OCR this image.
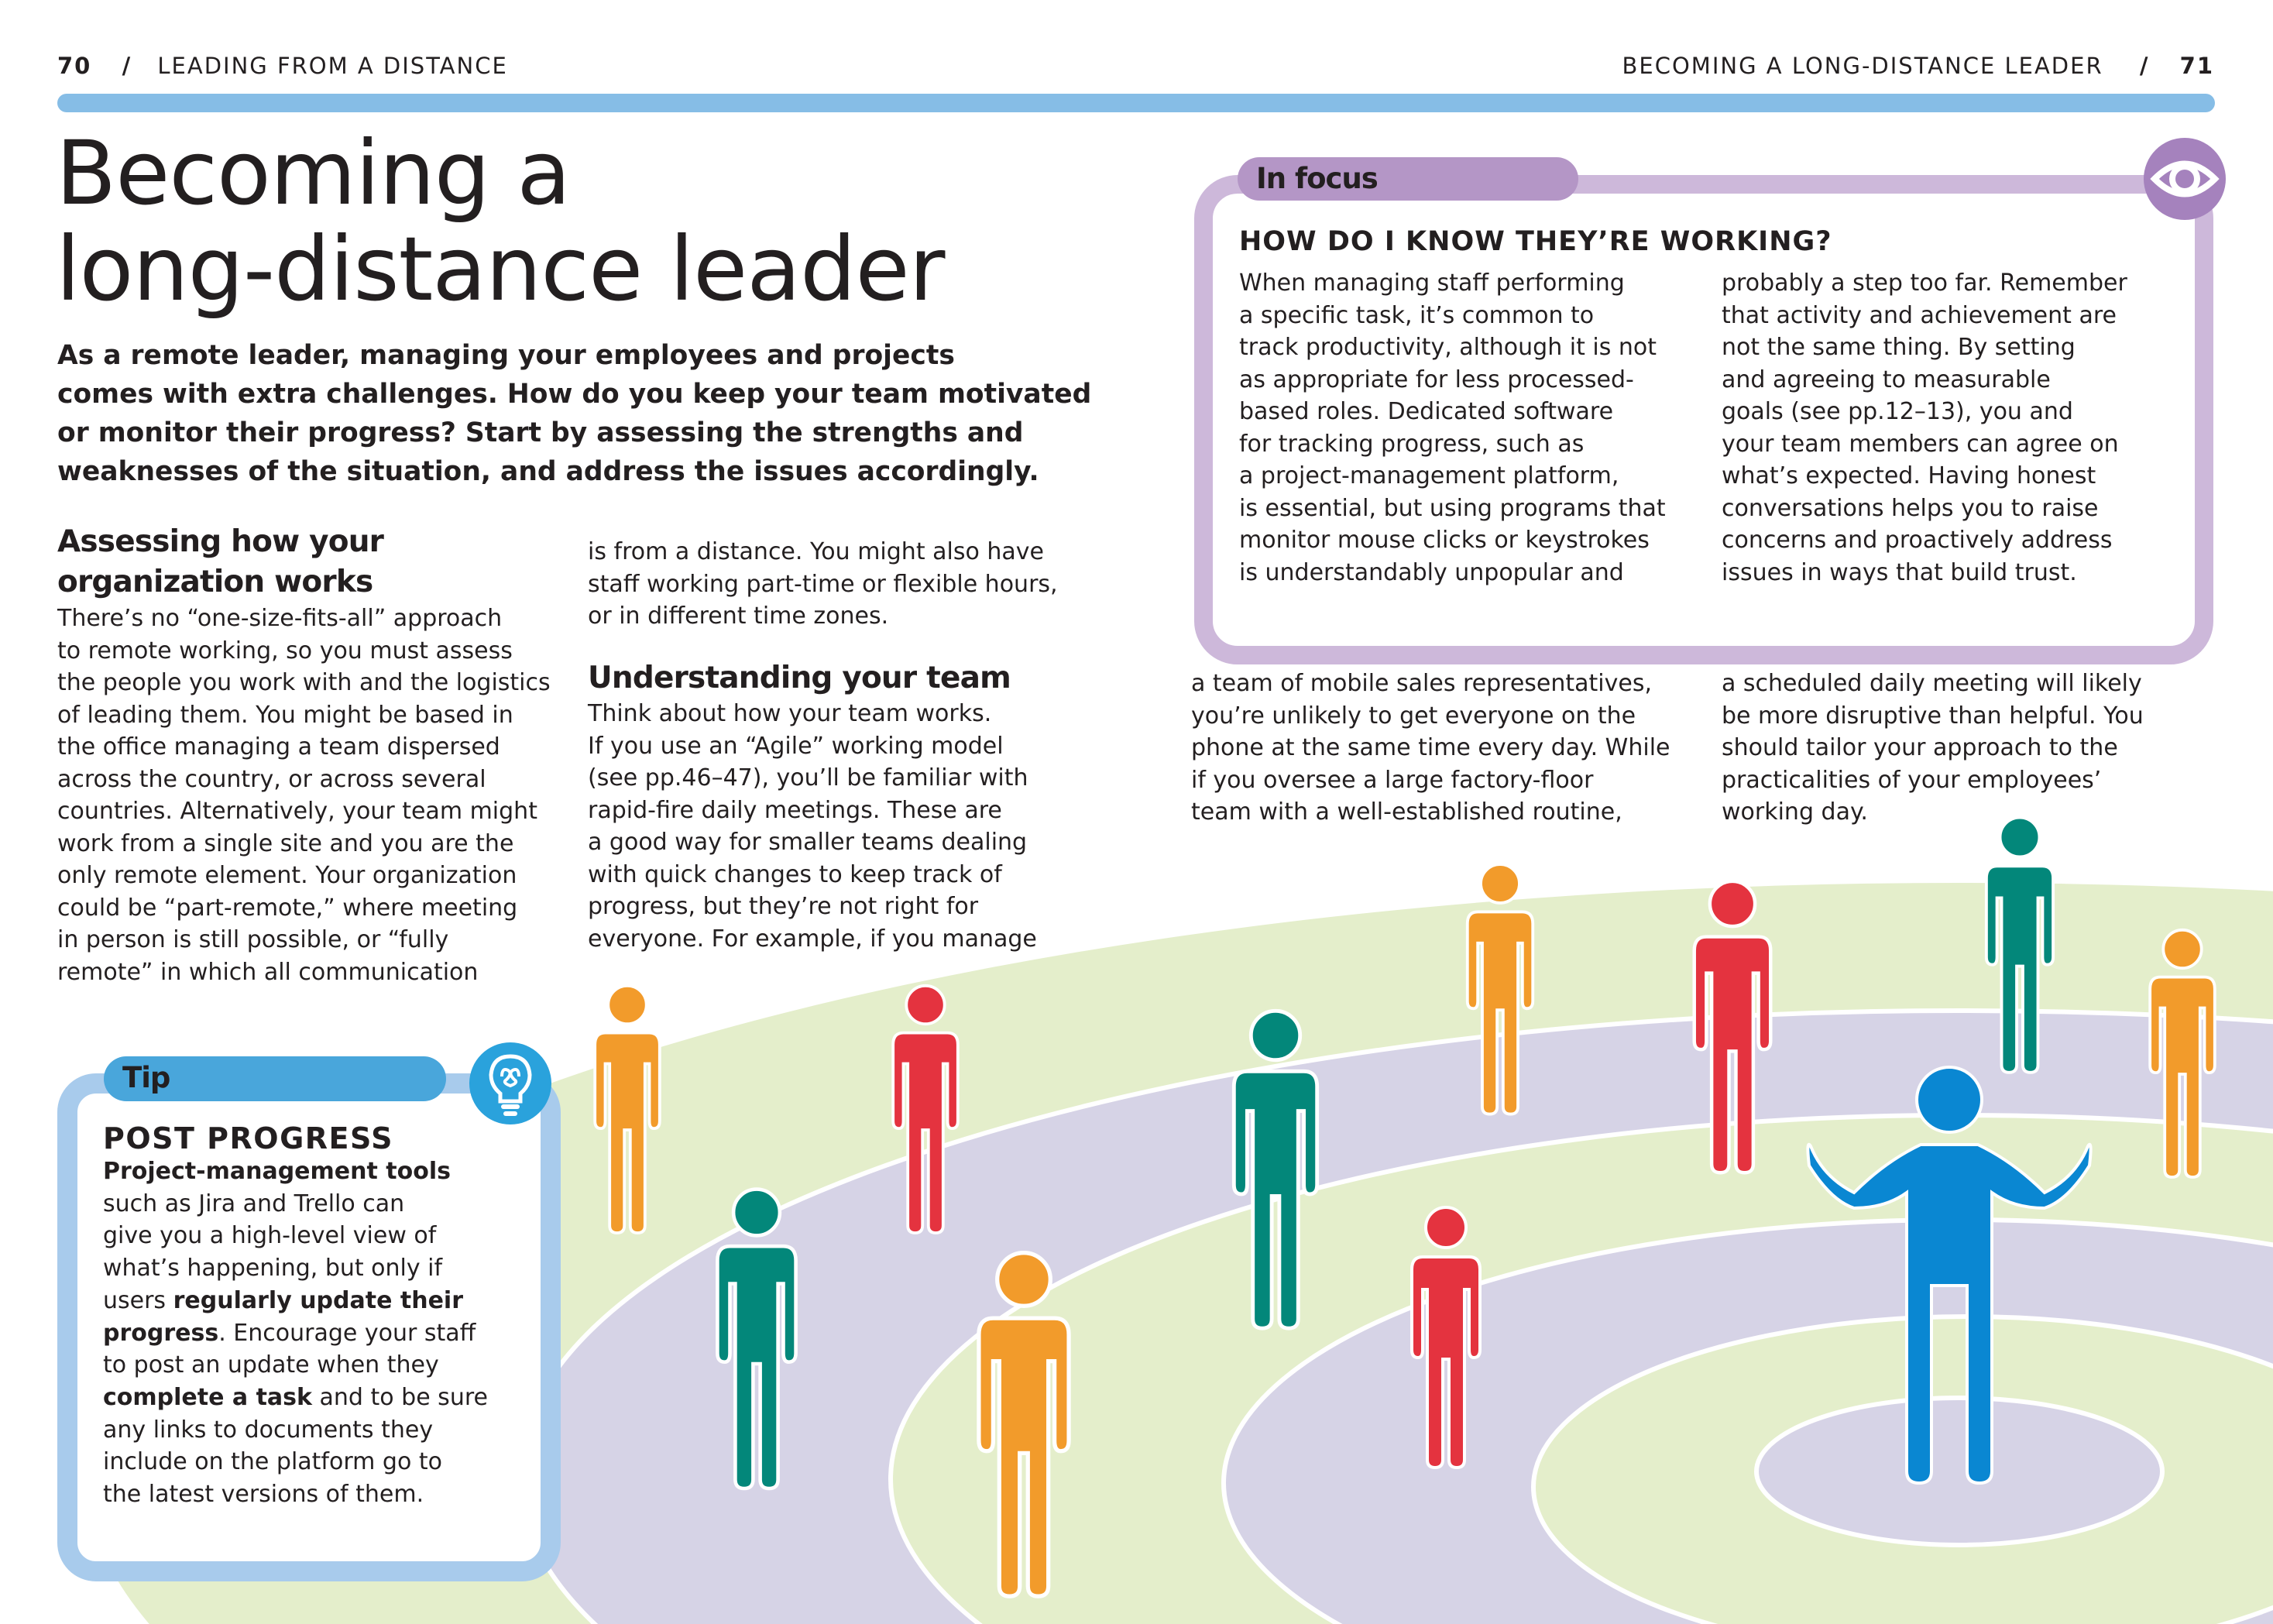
70 / LEADING FROM A DISTANCE	BECOMING A LONG-DISTANCE LEADER / 71
Becoming a
long-distance leader
As a remote leader, managing your employees and projects
comes with extra challenges. How do you keep your team motivated
or monitor their progress? Start by assessing the strengths and
weaknesses of the situation, and address the issues accordingly.
Assessing how your
organization works
There’s no “one-size-fits-all” approach
to remote working, so you must assess
the people you work with and the logistics
of leading them. You might be based in
the office managing a team dispersed
across the country, or across several
countries. Alternatively, your team might
work from a single site and you are the
only remote element. Your organization
could be “part-remote,” where meeting
in person is still possible, or “fully
remote” in which all communication
is from a distance. You might also have
staff working part-time or flexible hours,
or in different time zones.
Understanding your team
Think about how your team works.
If you use an “Agile” working model
(see pp.46–47), you’ll be familiar with
rapid-fire daily meetings. These are
a good way for smaller teams dealing
with quick changes to keep track of
progress, but they’re not right for
everyone. For example, if you manage
a team of mobile sales representatives,
you’re unlikely to get everyone on the
phone at the same time every day. While
if you oversee a large factory-floor
team with a well-established routine,
a scheduled daily meeting will likely
be more disruptive than helpful. You
should tailor your approach to the
practicalities of your employees’
working day.
In focus
HOW DO I KNOW THEY’RE WORKING?
When managing staff performing
a specific task, it’s common to
track productivity, although it is not
as appropriate for less processed-
based roles. Dedicated software
for tracking progress, such as
a project-management platform,
is essential, but using programs that
monitor mouse clicks or keystrokes
is understandably unpopular and
probably a step too far. Remember
that activity and achievement are
not the same thing. By setting
and agreeing to measurable
goals (see pp.12–13), you and
your team members can agree on
what’s expected. Having honest
conversations helps you to raise
concerns and proactively address
issues in ways that build trust.
Tip
POST PROGRESS
Project-management tools
such as Jira and Trello can
give you a high-level view of
what’s happening, but only if
users regularly update their
progress. Encourage your staff
to post an update when they
complete a task and to be sure
any links to documents they
include on the platform go to
the latest versions of them.
